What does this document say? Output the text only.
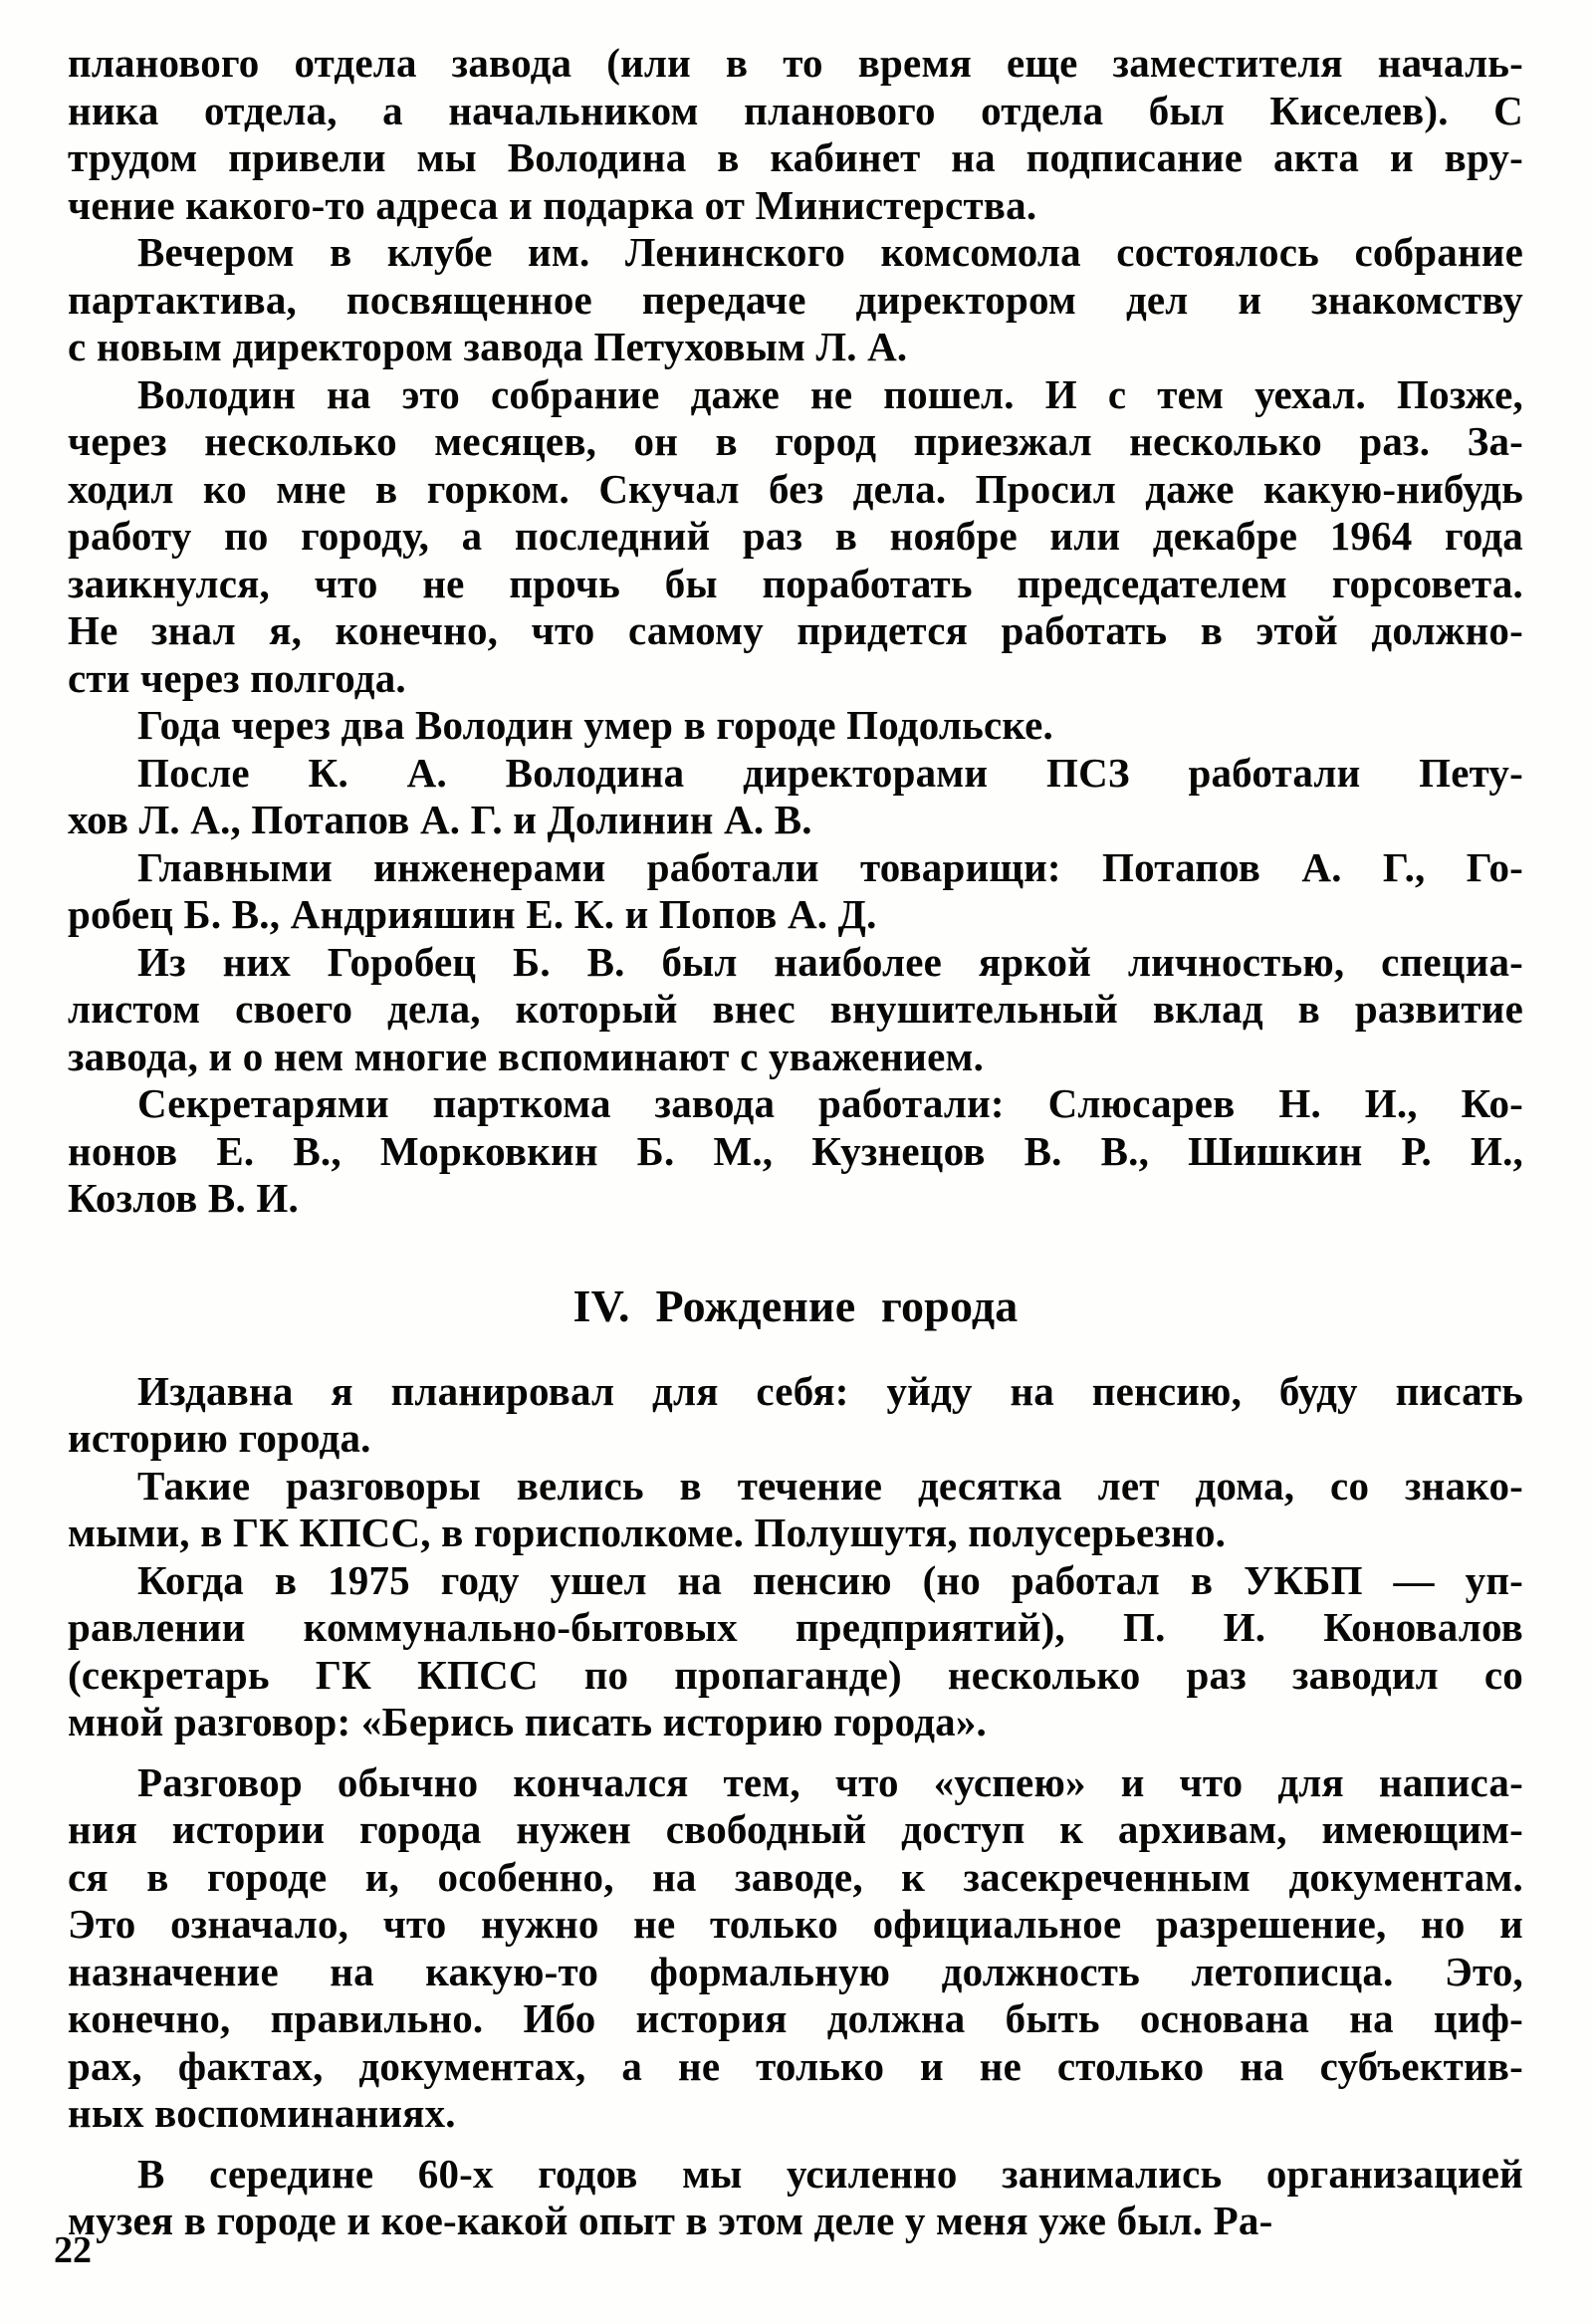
планового отдела завода (или в то время еще заместителя началь-
ника отдела, а начальником планового отдела был Киселев). С
трудом привели мы Володина в кабинет на подписание акта и вру-
чение какого-то адреса и подарка от Министерства.
Вечером в клубе им. Ленинского комсомола состоялось собрание
партактива, посвященное передаче директором дел и знакомству
с новым директором завода Петуховым Л. А.
Володин на это собрание даже не пошел. И с тем уехал. Позже,
через несколько месяцев, он в город приезжал несколько раз. За-
ходил ко мне в горком. Скучал без дела. Просил даже какую-нибудь
работу по городу, а последний раз в ноябре или декабре 1964 года
заикнулся, что не прочь бы поработать председателем горсовета.
Не знал я, конечно, что самому придется работать в этой должно-
сти через полгода.
Года через два Володин умер в городе Подольске.
После К. А. Володина директорами ПСЗ работали Пету-
хов Л. А., Потапов А. Г. и Долинин А. В.
Главными инженерами работали товарищи: Потапов А. Г., Го-
робец Б. В., Андрияшин Е. К. и Попов А. Д.
Из них Горобец Б. В. был наиболее яркой личностью, специа-
листом своего дела, который внес внушительный вклад в развитие
завода, и о нем многие вспоминают с уважением.
Секретарями парткома завода работали: Слюсарев Н. И., Ко-
нонов Е. В., Морковкин Б. М., Кузнецов В. В., Шишкин Р. И.,
Козлов В. И.
IV. Рождение города
Издавна я планировал для себя: уйду на пенсию, буду писать
историю города.
Такие разговоры велись в течение десятка лет дома, со знако-
мыми, в ГК КПСС, в горисполкоме. Полушутя, полусерьезно.
Когда в 1975 году ушел на пенсию (но работал в УКБП — уп-
равлении коммунально-бытовых предприятий), П. И. Коновалов
(секретарь ГК КПСС по пропаганде) несколько раз заводил со
мной разговор: «Берись писать историю города».
Разговор обычно кончался тем, что «успею» и что для написа-
ния истории города нужен свободный доступ к архивам, имеющим-
ся в городе и, особенно, на заводе, к засекреченным документам.
Это означало, что нужно не только официальное разрешение, но и
назначение на какую-то формальную должность летописца. Это,
конечно, правильно. Ибо история должна быть основана на циф-
рах, фактах, документах, а не только и не столько на субъектив-
ных воспоминаниях.
В середине 60-х годов мы усиленно занимались организацией
музея в городе и кое-какой опыт в этом деле у меня уже был. Ра-
22
